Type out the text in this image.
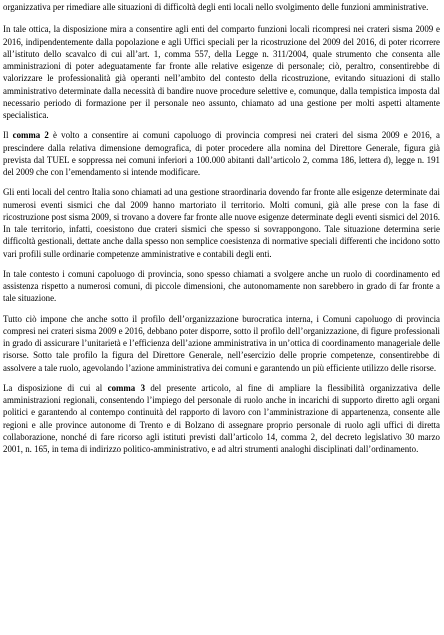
organizzativa per rimediare alle situazioni di difficoltà degli enti locali nello svolgimento delle funzioni amministrative.

In tale ottica, la disposizione mira a consentire agli enti del comparto funzioni locali ricompresi nei crateri sisma 2009 e 2016, indipendentemente dalla popolazione e agli Uffici speciali per la ricostruzione del 2009 del 2016, di poter ricorrere all’istituto dello scavalco di cui all’art. 1, comma 557, della Legge n. 311/2004, quale strumento che consenta alle amministrazioni di poter adeguatamente far fronte alle relative esigenze di personale; ciò, peraltro, consentirebbe di valorizzare le professionalità già operanti nell’ambito del contesto della ricostruzione, evitando situazioni di stallo amministrativo determinate dalla necessità di bandire nuove procedure selettive e, comunque, dalla tempistica imposta dal necessario periodo di formazione per il personale neo assunto, chiamato ad una gestione per molti aspetti altamente specialistica.

Il comma 2 è volto a consentire ai comuni capoluogo di provincia compresi nei crateri del sisma 2009 e 2016, a prescindere dalla relativa dimensione demografica, di poter procedere alla nomina del Direttore Generale, figura già prevista dal TUEL e soppressa nei comuni inferiori a 100.000 abitanti dall’articolo 2, comma 186, lettera d), legge n. 191 del 2009 che con l’emendamento si intende modificare.

Gli enti locali del centro Italia sono chiamati ad una gestione straordinaria dovendo far fronte alle esigenze determinate dai numerosi eventi sismici che dal 2009 hanno martoriato il territorio. Molti comuni, già alle prese con la fase di ricostruzione post sisma 2009, si trovano a dovere far fronte alle nuove esigenze determinate degli eventi sismici del 2016. In tale territorio, infatti, coesistono due crateri sismici che spesso si sovrappongono. Tale situazione determina serie difficoltà gestionali, dettate anche dalla spesso non semplice coesistenza di normative speciali differenti che incidono sotto vari profili sulle ordinarie competenze amministrative e contabili degli enti.

In tale contesto i comuni capoluogo di provincia, sono spesso chiamati a svolgere anche un ruolo di coordinamento ed assistenza rispetto a numerosi comuni, di piccole dimensioni, che autonomamente non sarebbero in grado di far fronte a tale situazione.

Tutto ciò impone che anche sotto il profilo dell’organizzazione burocratica interna, i Comuni capoluogo di provincia compresi nei crateri sisma 2009 e 2016, debbano poter disporre, sotto il profilo dell’organizzazione, di figure professionali in grado di assicurare l’unitarietà e l’efficienza dell’azione amministrativa in un’ottica di coordinamento manageriale delle risorse. Sotto tale profilo la figura del Direttore Generale, nell’esercizio delle proprie competenze, consentirebbe di assolvere a tale ruolo, agevolando l’azione amministrativa dei comuni e garantendo un più efficiente utilizzo delle risorse.

La disposizione di cui al comma 3 del presente articolo, al fine di ampliare la flessibilità organizzativa delle amministrazioni regionali, consentendo l’impiego del personale di ruolo anche in incarichi di supporto diretto agli organi politici e garantendo al contempo continuità del rapporto di lavoro con l’amministrazione di appartenenza, consente alle regioni e alle province autonome di Trento e di Bolzano di assegnare proprio personale di ruolo agli uffici di diretta collaborazione, nonché di fare ricorso agli istituti previsti dall’articolo 14, comma 2, del decreto legislativo 30 marzo 2001, n. 165, in tema di indirizzo politico-amministrativo, e ad altri strumenti analoghi disciplinati dall’ordinamento.
